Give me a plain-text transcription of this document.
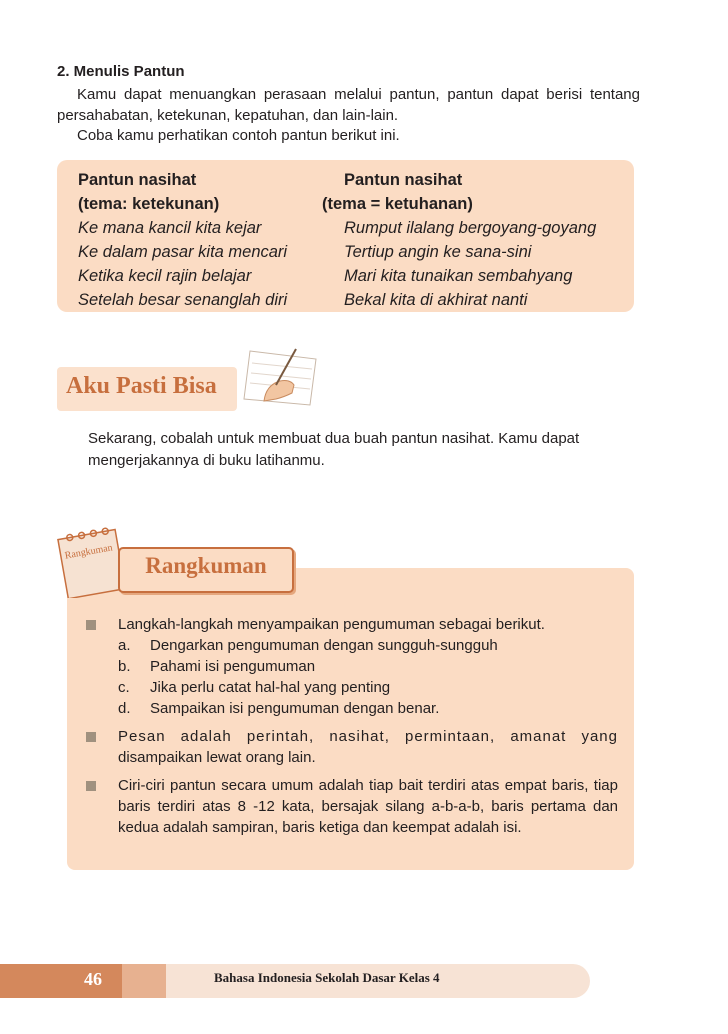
2. Menulis Pantun
Kamu dapat menuangkan perasaan melalui pantun, pantun dapat berisi tentang persahabatan, ketekunan, kepatuhan, dan lain-lain.
Coba kamu perhatikan contoh pantun berikut ini.
Pantun nasihat
(tema: ketekunan)
Ke mana kancil kita kejar
Ke dalam pasar kita mencari
Ketika kecil rajin belajar
Setelah besar senanglah diri
Pantun nasihat
(tema = ketuhanan)
Rumput ilalang bergoyang-goyang
Tertiup angin ke sana-sini
Mari kita tunaikan sembahyang
Bekal kita di akhirat nanti
Aku Pasti Bisa
Sekarang, cobalah untuk membuat dua buah pantun nasihat. Kamu dapat mengerjakannya di buku latihanmu.
Rangkuman
Rangkuman
Langkah-langkah menyampaikan pengumuman sebagai berikut.
a. Dengarkan pengumuman dengan sungguh-sungguh
b. Pahami isi pengumuman
c. Jika perlu catat hal-hal yang penting
d. Sampaikan isi pengumuman dengan benar.
Pesan adalah perintah, nasihat, permintaan, amanat yang
disampaikan lewat orang lain.
Ciri-ciri pantun secara umum adalah tiap bait terdiri atas empat baris, tiap baris terdiri atas 8 -12 kata, bersajak silang a-b-a-b, baris pertama dan kedua adalah sampiran, baris ketiga dan keempat adalah isi.
46	Bahasa Indonesia Sekolah Dasar Kelas 4
